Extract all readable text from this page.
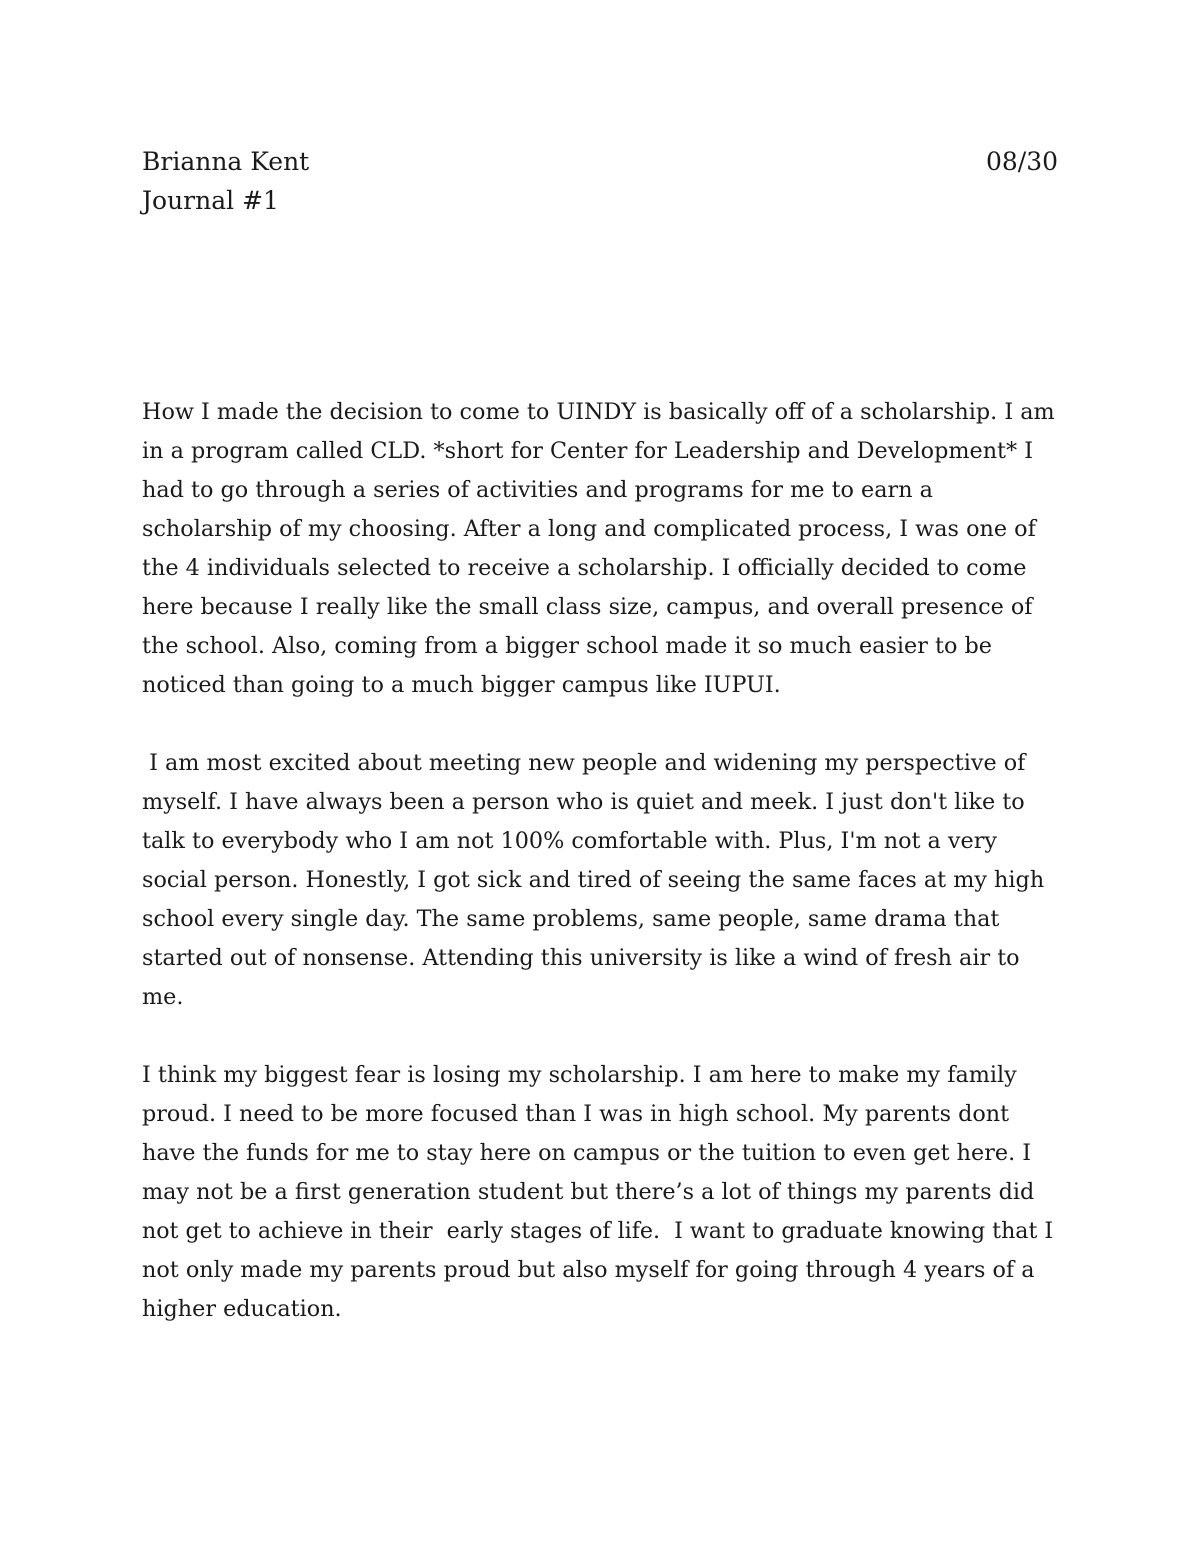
Brianna Kent	08/30
Journal #1
How I made the decision to come to UINDY is basically off of a scholarship. I am
in a program called CLD. *short for Center for Leadership and Development* I
had to go through a series of activities and programs for me to earn a
scholarship of my choosing. After a long and complicated process, I was one of
the 4 individuals selected to receive a scholarship. I officially decided to come
here because I really like the small class size, campus, and overall presence of
the school. Also, coming from a bigger school made it so much easier to be
noticed than going to a much bigger campus like IUPUI.
I am most excited about meeting new people and widening my perspective of
myself. I have always been a person who is quiet and meek. I just don't like to
talk to everybody who I am not 100% comfortable with. Plus, I'm not a very
social person. Honestly, I got sick and tired of seeing the same faces at my high
school every single day. The same problems, same people, same drama that
started out of nonsense. Attending this university is like a wind of fresh air to
me.
I think my biggest fear is losing my scholarship. I am here to make my family
proud. I need to be more focused than I was in high school. My parents dont
have the funds for me to stay here on campus or the tuition to even get here. I
may not be a first generation student but there’s a lot of things my parents did
not get to achieve in their  early stages of life.  I want to graduate knowing that I
not only made my parents proud but also myself for going through 4 years of a
higher education.
